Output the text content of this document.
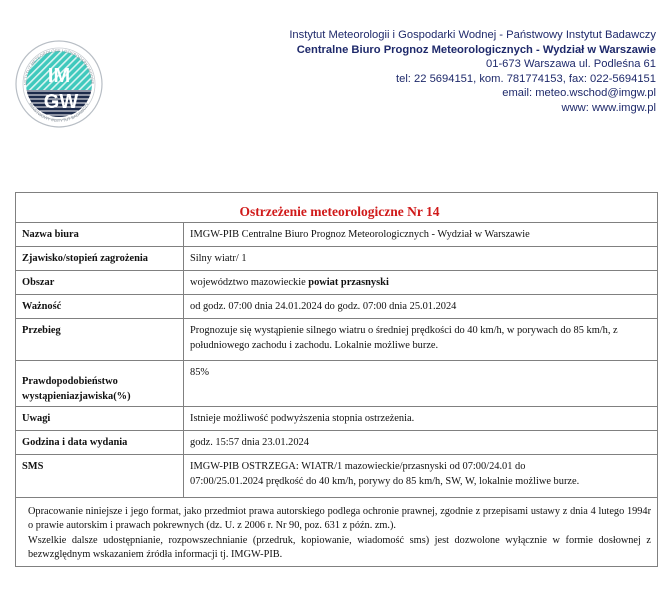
IM
GW
NSTYTUT METEOROLOGII I GOSPODARKI WODNE
PAŃSTWOWY INSTYTUT BADAWCZY
Instytut Meteorologii i Gospodarki Wodnej - Państwowy Instytut Badawczy
Centralne Biuro Prognoz Meteorologicznych - Wydział w Warszawie
01-673 Warszawa ul. Podleśna 61
tel: 22 5694151, kom. 781774153, fax: 022-5694151
email: meteo.wschod@imgw.pl
www: www.imgw.pl
Ostrzeżenie meteorologiczne Nr 14	
Nazwa biura	IMGW-PIB Centralne Biuro Prognoz Meteorologicznych - Wydział w Warszawie
Zjawisko/stopień zagrożenia	Silny wiatr/ 1
Obszar	województwo mazowieckie powiat przasnyski
Ważność	od godz. 07:00 dnia 24.01.2024 do godz. 07:00 dnia 25.01.2024
Przebieg	Prognozuje się wystąpienie silnego wiatru o średniej prędkości do 40 km/h, w porywach do 85 km/h, z południowego zachodu i zachodu. Lokalnie możliwe burze.

Prawdopodobieństwo
wystąpieniazjawiska(%)	85%
Uwagi	Istnieje możliwość podwyższenia stopnia ostrzeżenia.
Godzina i data wydania	godz. 15:57 dnia 23.01.2024
SMS	IMGW-PIB OSTRZEGA: WIATR/1 mazowieckie/przasnyski od 07:00/24.01 do
07:00/25.01.2024 prędkość do 40 km/h, porywy do 85 km/h, SW, W, lokalnie możliwe burze.

Opracowanie niniejsze i jego format, jako przedmiot prawa autorskiego podlega ochronie prawnej, zgodnie z przepisami ustawy z dnia 4 lutego 1994r o prawie autorskim i prawach pokrewnych (dz. U. z 2006 r. Nr 90, poz. 631 z późn. zm.).
Wszelkie dalsze udostępnianie, rozpowszechnianie (przedruk, kopiowanie, wiadomość sms) jest dozwolone wyłącznie w formie dosłownej z bezwzględnym wskazaniem źródła informacji tj. IMGW-PIB.	
